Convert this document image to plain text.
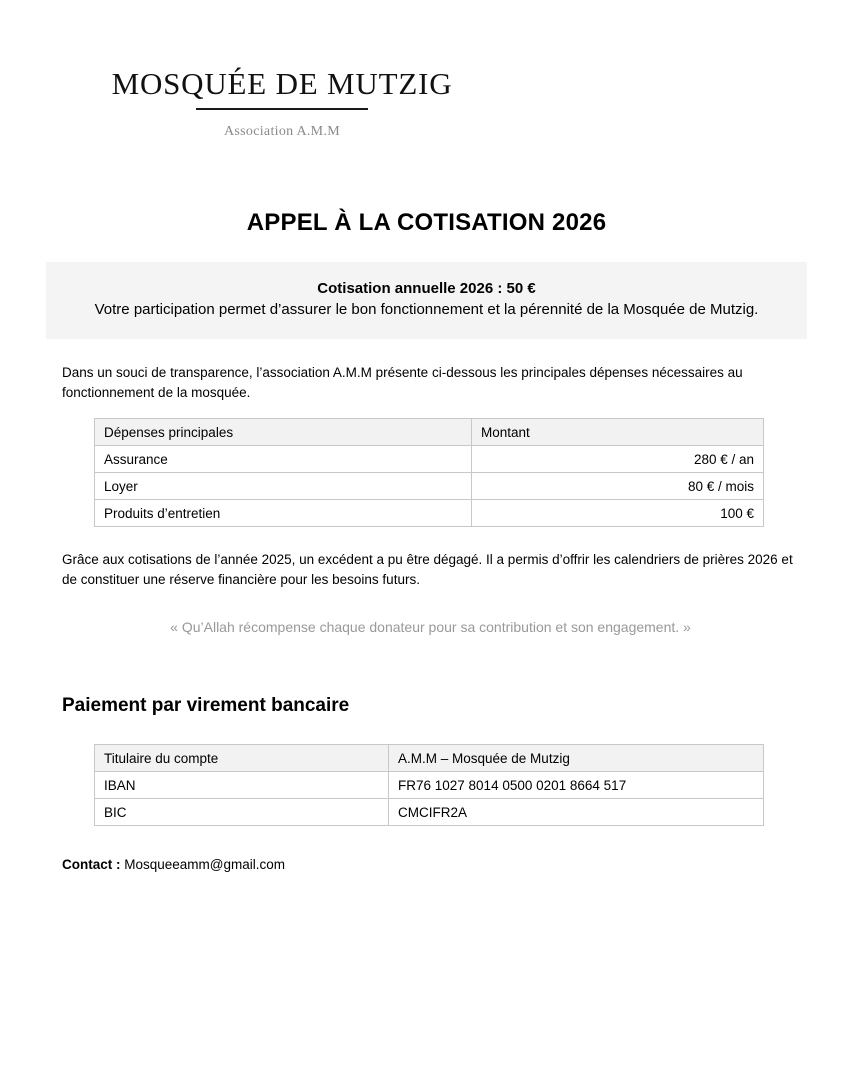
MOSQUÉE DE MUTZIG
Association A.M.M
APPEL À LA COTISATION 2026
Cotisation annuelle 2026 : 50 €
Votre participation permet d’assurer le bon fonctionnement et la pérennité de la Mosquée de Mutzig.
Dans un souci de transparence, l’association A.M.M présente ci-dessous les principales dépenses nécessaires au fonctionnement de la mosquée.
Dépenses principales	Montant
Assurance	280 € / an
Loyer	80 € / mois
Produits d’entretien	100 €
Grâce aux cotisations de l’année 2025, un excédent a pu être dégagé. Il a permis d’offrir les calendriers de prières 2026 et de constituer une réserve financière pour les besoins futurs.
« Qu’Allah récompense chaque donateur pour sa contribution et son engagement. »
Paiement par virement bancaire
Titulaire du compte	A.M.M – Mosquée de Mutzig
IBAN	FR76 1027 8014 0500 0201 8664 517
BIC	CMCIFR2A
Contact : Mosqueeamm@gmail.com
